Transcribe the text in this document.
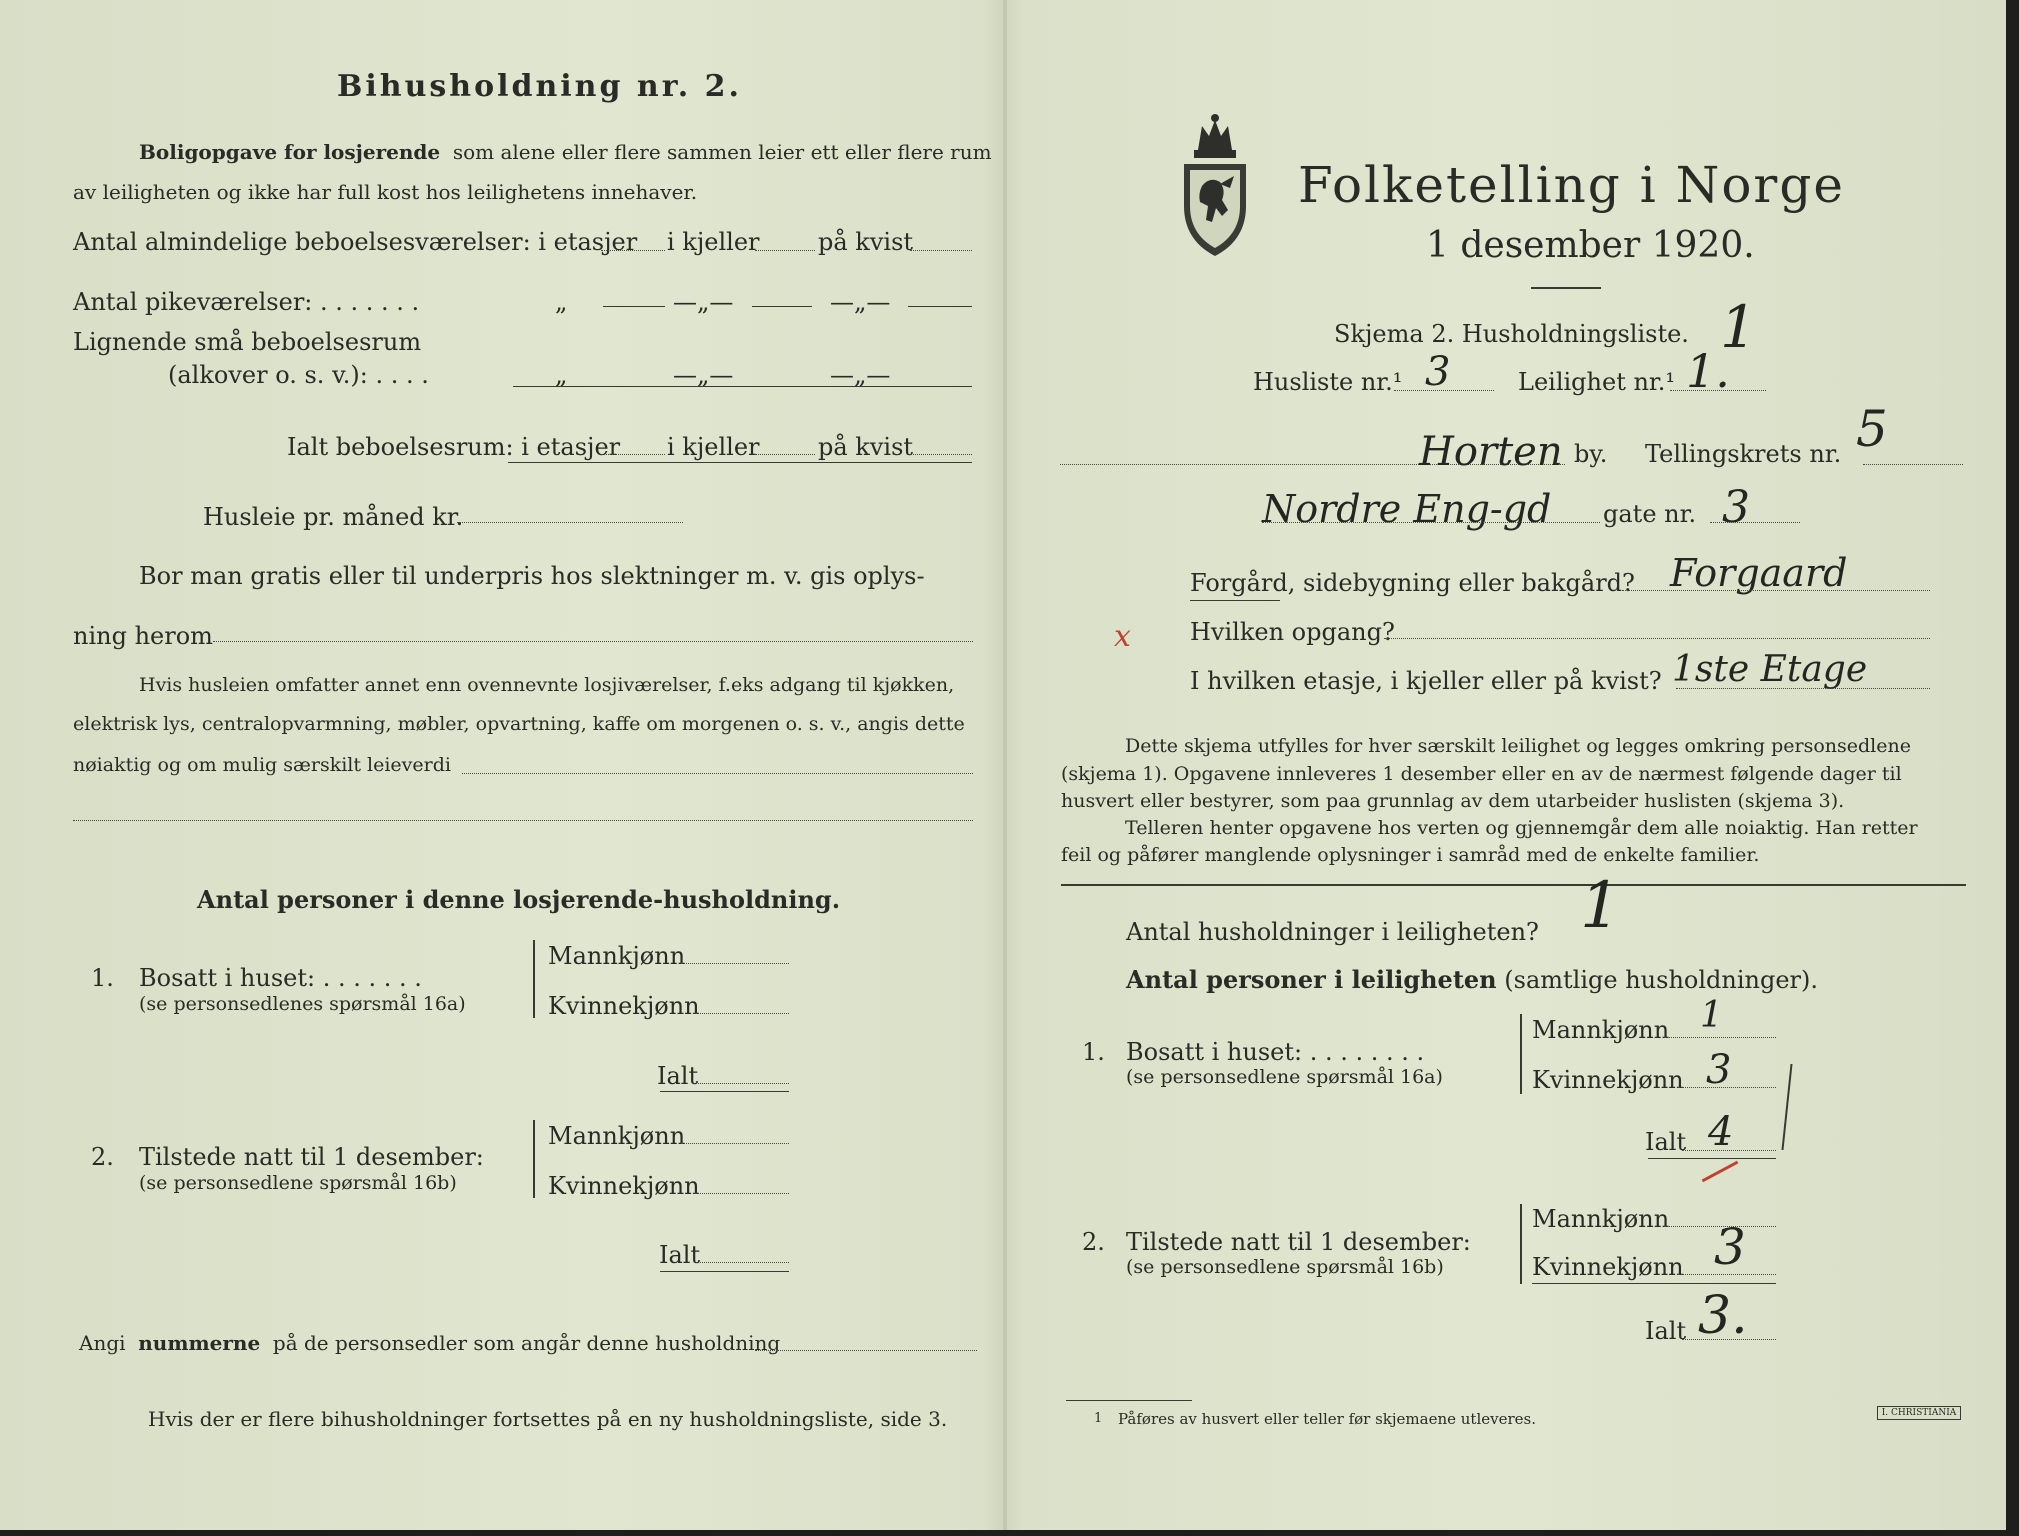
Bihusholdning nr. 2.
Boligopgave for losjerende som alene eller flere sammen leier ett eller flere rum
av leiligheten og ikke har full kost hos leilighetens innehaver.
Antal almindelige beboelsesværelser: i etasjer i kjeller på kvist
Antal pikeværelser: . . . . . . .	„	—„—	—„—
Lignende små beboelsesrum
(alkover o. s. v.): . . . .	„	—„—	—„—
Ialt beboelsesrum: i etasjer i kjeller på kvist
Husleie pr. måned kr.
Bor man gratis eller til underpris hos slektninger m. v. gis oplys-
ning herom
Hvis husleien omfatter annet enn ovennevnte losjiværelser, f.eks adgang til kjøkken,
elektrisk lys, centralopvarmning, møbler, opvartning, kaffe om morgenen o. s. v., angis dette
nøiaktig og om mulig særskilt leieverdi
Antal personer i denne losjerende-husholdning.
1. Bosatt i huset: . . . . . . .
(se personsedlenes spørsmål 16a)
Mannkjønn
Kvinnekjønn
Ialt
2. Tilstede natt til 1 desember:
(se personsedlene spørsmål 16b)
Mannkjønn
Kvinnekjønn
Ialt
Angi nummerne på de personsedler som angår denne husholdning
Hvis der er flere bihusholdninger fortsettes på en ny husholdningsliste, side 3.
Folketelling i Norge
1 desember 1920.
Skjema 2. Husholdningsliste. 1
Husliste nr.¹ 3	Leilighet nr.¹ 1.
Horten by. Tellingskrets nr. 5
Nordre Eng-gd gate nr. 3
Forgård, sidebygning eller bakgård? Forgaard
Hvilken opgang?
x
I hvilken etasje, i kjeller eller på kvist? 1ste Etage
Dette skjema utfylles for hver særskilt leilighet og legges omkring personsedlene
(skjema 1). Opgavene innleveres 1 desember eller en av de nærmest følgende dager til
husvert eller bestyrer, som paa grunnlag av dem utarbeider huslisten (skjema 3).
Telleren henter opgavene hos verten og gjennemgår dem alle noiaktig. Han retter
feil og påfører manglende oplysninger i samråd med de enkelte familier.
Antal husholdninger i leiligheten? 1
Antal personer i leiligheten (samtlige husholdninger).
1. Bosatt i huset: . . . . . . . .
(se personsedlene spørsmål 16a)
Mannkjønn 1
Kvinnekjønn 3
Ialt 4
2. Tilstede natt til 1 desember:
(se personsedlene spørsmål 16b)
Mannkjønn
Kvinnekjønn 3
Ialt 3.
1 Påføres av husvert eller teller før skjemaene utleveres.	I. CHRISTIANIA
